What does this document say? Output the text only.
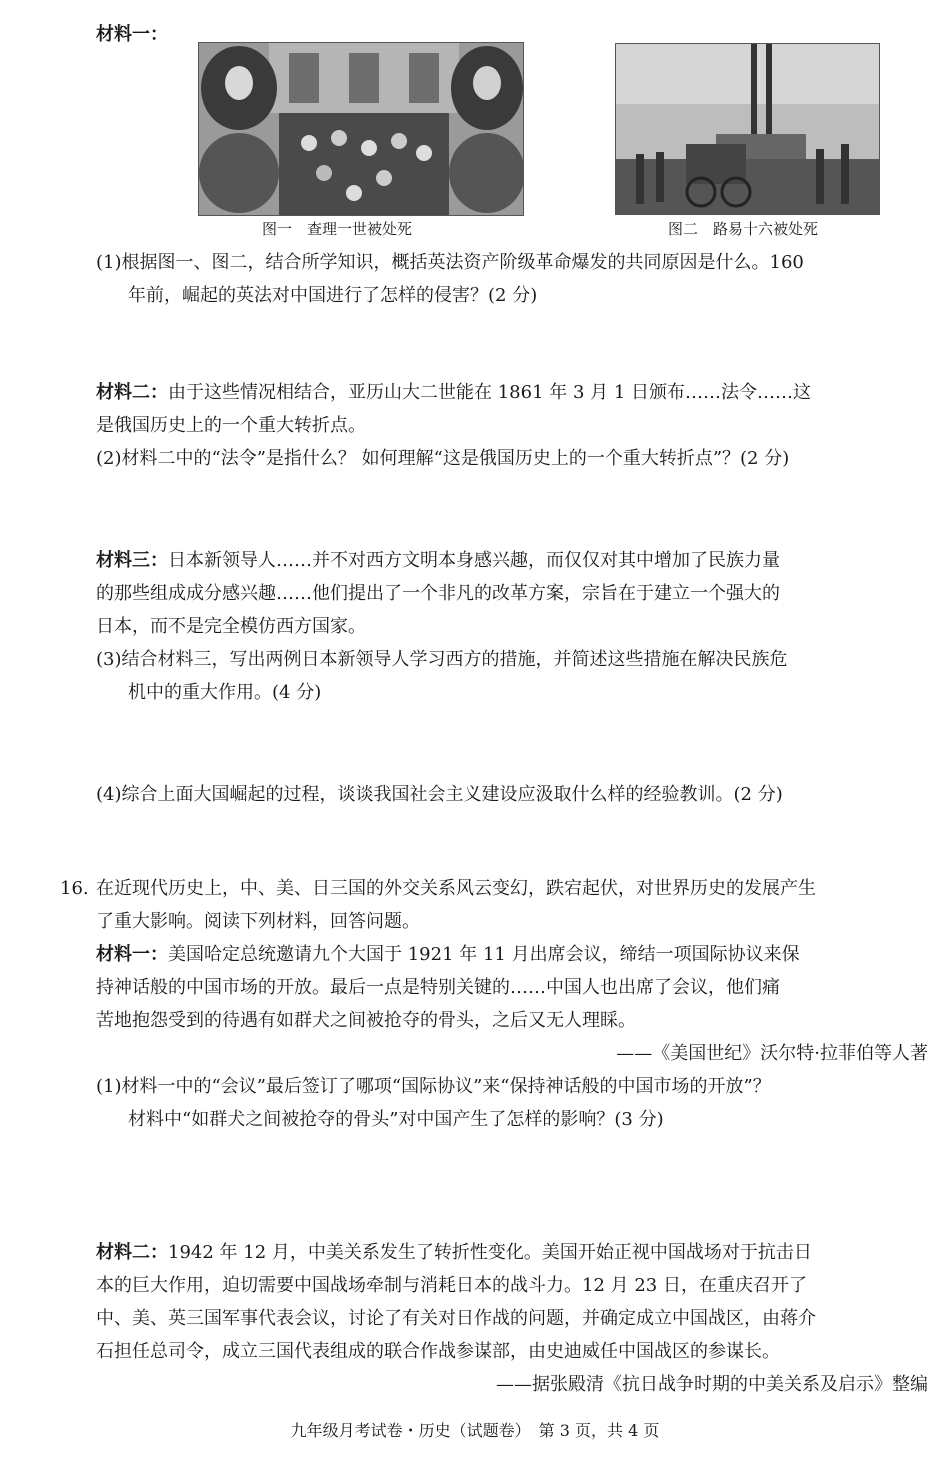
材料一：
图一　查理一世被处死	图二　路易十六被处死
(1)根据图一、图二，结合所学知识，概括英法资产阶级革命爆发的共同原因是什么。160
年前，崛起的英法对中国进行了怎样的侵害？(2 分)
材料二：由于这些情况相结合，亚历山大二世能在 1861 年 3 月 1 日颁布……法令……这
是俄国历史上的一个重大转折点。
(2)材料二中的“法令”是指什么？ 如何理解“这是俄国历史上的一个重大转折点”？(2 分)
材料三：日本新领导人……并不对西方文明本身感兴趣，而仅仅对其中增加了民族力量
的那些组成成分感兴趣……他们提出了一个非凡的改革方案，宗旨在于建立一个强大的
日本，而不是完全模仿西方国家。
(3)结合材料三，写出两例日本新领导人学习西方的措施，并简述这些措施在解决民族危
机中的重大作用。(4 分)
(4)综合上面大国崛起的过程，谈谈我国社会主义建设应汲取什么样的经验教训。(2 分)
16. 在近现代历史上，中、美、日三国的外交关系风云变幻，跌宕起伏，对世界历史的发展产生
了重大影响。阅读下列材料，回答问题。
材料一：美国哈定总统邀请九个大国于 1921 年 11 月出席会议，缔结一项国际协议来保
持神话般的中国市场的开放。最后一点是特别关键的……中国人也出席了会议，他们痛
苦地抱怨受到的待遇有如群犬之间被抢夺的骨头，之后又无人理睬。
——《美国世纪》沃尔特·拉菲伯等人著
(1)材料一中的“会议”最后签订了哪项“国际协议”来“保持神话般的中国市场的开放”？
材料中“如群犬之间被抢夺的骨头”对中国产生了怎样的影响？(3 分)
材料二：1942 年 12 月，中美关系发生了转折性变化。美国开始正视中国战场对于抗击日
本的巨大作用，迫切需要中国战场牵制与消耗日本的战斗力。12 月 23 日，在重庆召开了
中、美、英三国军事代表会议，讨论了有关对日作战的问题，并确定成立中国战区，由蒋介
石担任总司令，成立三国代表组成的联合作战参谋部，由史迪威任中国战区的参谋长。
——据张殿清《抗日战争时期的中美关系及启示》整编
九年级月考试卷・历史（试题卷）　第 3 页，共 4 页
